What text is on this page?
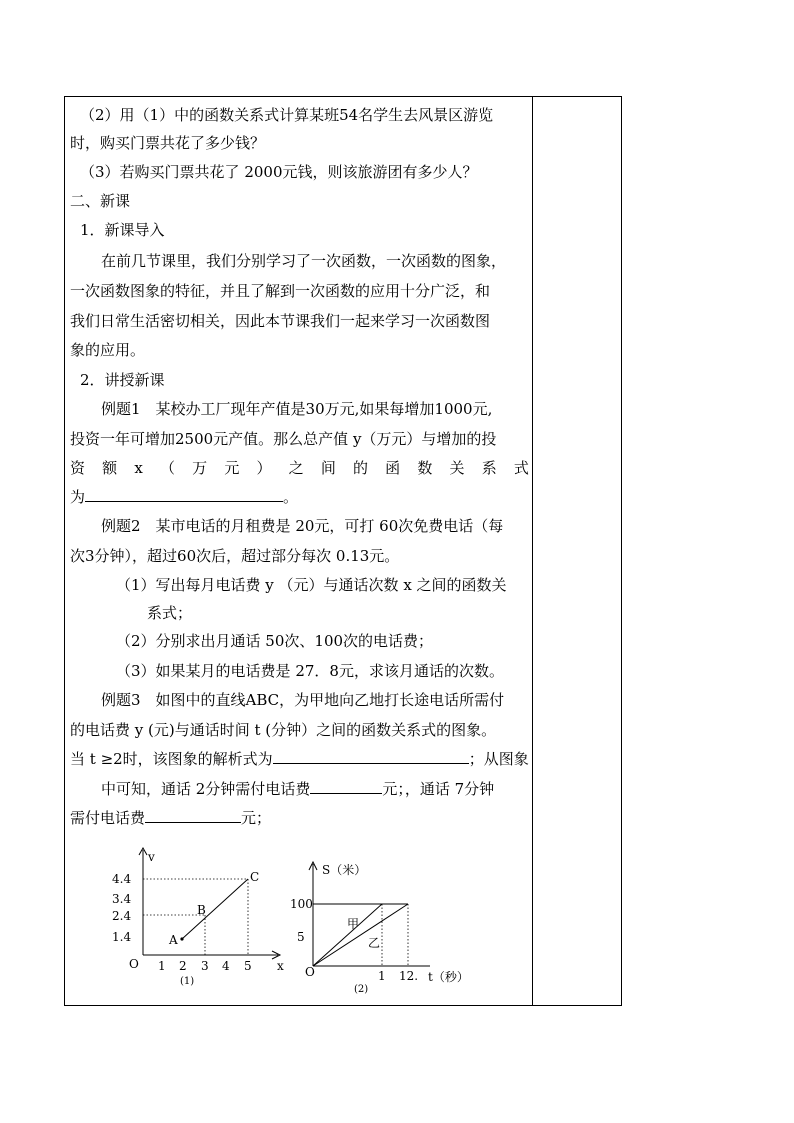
（2）用（1）中的函数关系式计算某班54名学生去风景区游览
时，购买门票共花了多少钱？
（3）若购买门票共花了 2000元钱，则该旅游团有多少人？
二、新课
1．新课导入
在前几节课里，我们分别学习了一次函数，一次函数的图象，
一次函数图象的特征，并且了解到一次函数的应用十分广泛，和
我们日常生活密切相关，因此本节课我们一起来学习一次函数图
象的应用。
2．讲授新课
例题1　某校办工厂现年产值是30万元,如果每增加1000元,
投资一年可增加2500元产值。那么总产值 y（万元）与增加的投
资 额 x （ 万 元 ） 之 间 的 函 数 关 系 式
为	。
例题2　某市电话的月租费是 20元，可打 60次免费电话（每
次3分钟），超过60次后，超过部分每次 0.13元。
（1）写出每月电话费 y （元）与通话次数 x 之间的函数关
系式；
（2）分别求出月通话 50次、100次的电话费；
（3）如果某月的电话费是 27．8元，求该月通话的次数。
例题3　如图中的直线ABC，为甲地向乙地打长途电话所需付
的电话费 y (元)与通话时间 t (分钟）之间的函数关系式的图象。
当 t ≥2时，该图象的解析式为	；从图象
中可知，通话 2分钟需付电话费	元；，通话 7分钟
需付电话费	元；
v
4.4
3.4
2.4
1.4
O 1 2 3 4 5 x
A
B
C
(1)
S（米）
100
5
O	1 12. t（秒）
甲
乙
(2)
